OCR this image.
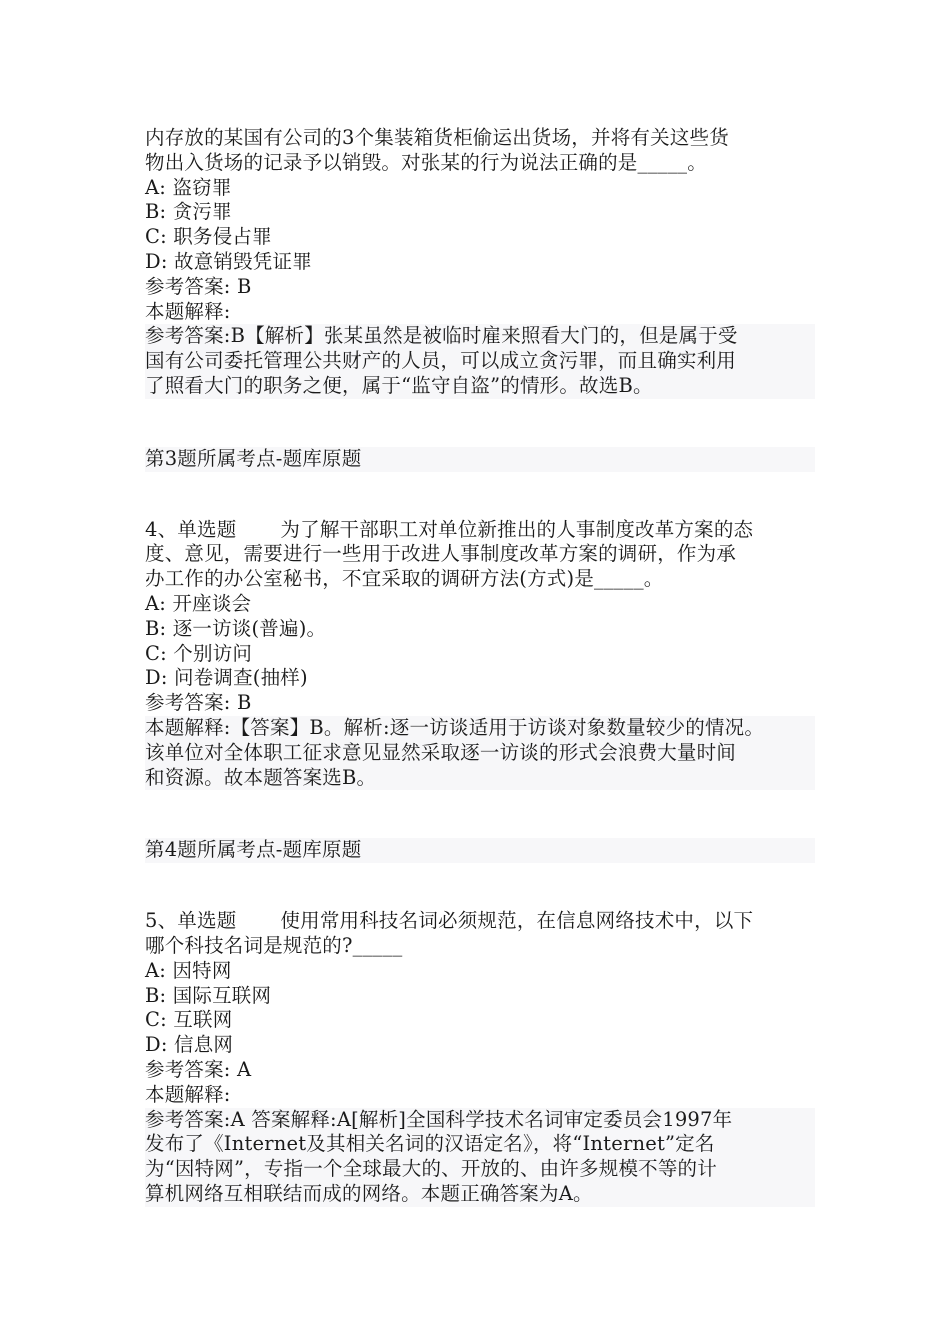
内存放的某国有公司的3个集装箱货柜偷运出货场，并将有关这些货
物出入货场的记录予以销毁。对张某的行为说法正确的是_____。
A: 盗窃罪
B: 贪污罪
C: 职务侵占罪
D: 故意销毁凭证罪
参考答案: B
本题解释:
参考答案:B【解析】张某虽然是被临时雇来照看大门的，但是属于受
国有公司委托管理公共财产的人员，可以成立贪污罪，而且确实利用
了照看大门的职务之便，属于“监守自盗”的情形。故选B。
第3题所属考点-题库原题
4、单选题 为了解干部职工对单位新推出的人事制度改革方案的态
度、意见，需要进行一些用于改进人事制度改革方案的调研，作为承
办工作的办公室秘书，不宜采取的调研方法(方式)是_____。
A: 开座谈会
B: 逐一访谈(普遍)。
C: 个别访问
D: 问卷调查(抽样)
参考答案: B
本题解释:【答案】B。解析:逐一访谈适用于访谈对象数量较少的情况。
该单位对全体职工征求意见显然采取逐一访谈的形式会浪费大量时间
和资源。故本题答案选B。
第4题所属考点-题库原题
5、单选题 使用常用科技名词必须规范，在信息网络技术中，以下
哪个科技名词是规范的?_____
A: 因特网
B: 国际互联网
C: 互联网
D: 信息网
参考答案: A
本题解释:
参考答案:A 答案解释:A[解析]全国科学技术名词审定委员会1997年
发布了《Internet及其相关名词的汉语定名》，将“Internet”定名
为“因特网”，专指一个全球最大的、开放的、由许多规模不等的计
算机网络互相联结而成的网络。本题正确答案为A。
